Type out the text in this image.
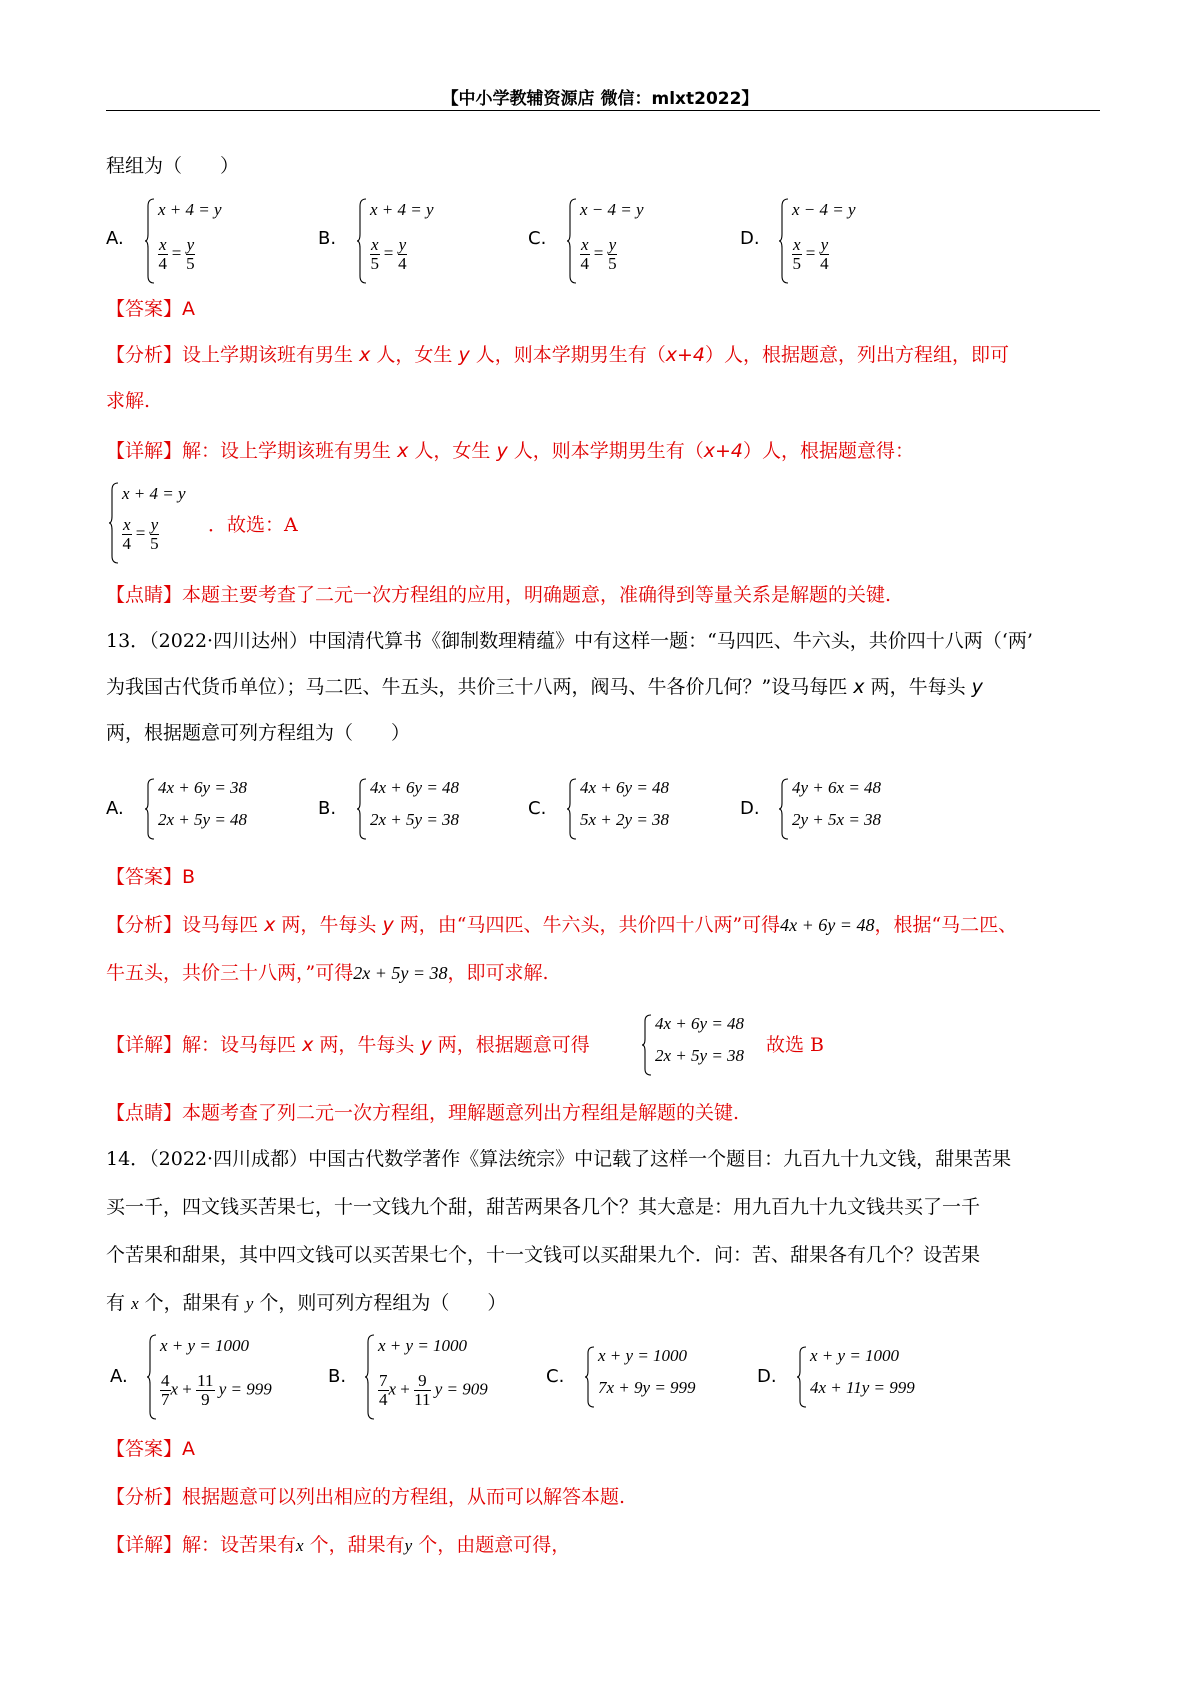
【中小学教辅资源店 微信：mlxt2022】
程组为（　　）
A.
x + 4 = y
$\frac{x}{4} = \frac{y}{5}$	B.
x + 4 = y
$\frac{x}{5} = \frac{y}{4}$	C.
x − 4 = y
$\frac{x}{4} = \frac{y}{5}$	D.
x − 4 = y
$\frac{x}{5} = \frac{y}{4}$
【答案】A
【分析】设上学期该班有男生 x 人，女生 y 人，则本学期男生有（x+4）人，根据题意，列出方程组，即可
求解.
【详解】解：设上学期该班有男生 x 人，女生 y 人，则本学期男生有（x+4）人，根据题意得：
x + 4 = y
$\frac{x}{4} = \frac{y}{5}$	．故选：A
【点睛】本题主要考查了二元一次方程组的应用，明确题意，准确得到等量关系是解题的关键.
13．（2022·四川达州）中国清代算书《御制数理精蕴》中有这样一题：“马四匹、牛六头，共价四十八两（‘两’
为我国古代货币单位）；马二匹、牛五头，共价三十八两，阀马、牛各价几何？”设马每匹 x 两，牛每头 y
两，根据题意可列方程组为（　　）
A.
4x + 6y = 38
2x + 5y = 48
B.
4x + 6y = 48
2x + 5y = 38
C.
4x + 6y = 48
5x + 2y = 38
D.
4y + 6x = 48
2y + 5x = 38
【答案】B
【分析】设马每匹 x 两，牛每头 y 两，由“马四匹、牛六头，共价四十八两”可得4x + 6y = 48，根据“马二匹、
牛五头，共价三十八两，”可得2x + 5y = 38，即可求解.
【详解】解：设马每匹 x 两，牛每头 y 两，根据题意可得
4x + 6y = 48
2x + 5y = 38 故选 B
【点睛】本题考查了列二元一次方程组，理解题意列出方程组是解题的关键.
14．（2022·四川成都）中国古代数学著作《算法统宗》中记载了这样一个题目：九百九十九文钱，甜果苦果
买一千，四文钱买苦果七，十一文钱九个甜，甜苦两果各几个？其大意是：用九百九十九文钱共买了一千
个苦果和甜果，其中四文钱可以买苦果七个，十一文钱可以买甜果九个．问：苦、甜果各有几个？设苦果
有 x 个，甜果有 y 个，则可列方程组为（　　）
A.
x + y = 1000
$\frac{4}{7}$ $x + \frac{11}{9}$ y = 999
B.
x + y = 1000
$\frac{7}{4}$ $x + \frac{9}{11}$ y = 909
C.
x + y = 1000
7x + 9y = 999
D.
x + y = 1000
4x + 11y = 999
【答案】A
【分析】根据题意可以列出相应的方程组，从而可以解答本题.
【详解】解：设苦果有x 个，甜果有y 个，由题意可得，
